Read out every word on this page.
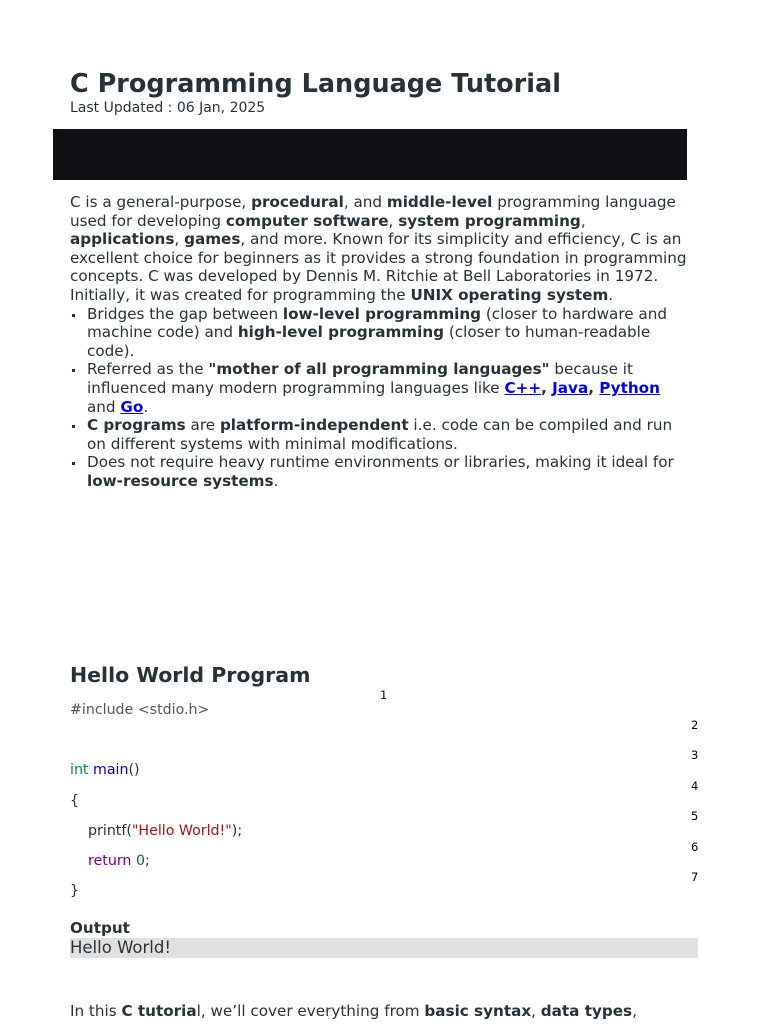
C Programming Language Tutorial
Last Updated : 06 Jan, 2025

C is a general-purpose, procedural, and middle-level programming language used for developing computer software, system programming, applications, games, and more. Known for its simplicity and efficiency, C is an excellent choice for beginners as it provides a strong foundation in programming concepts. C was developed by Dennis M. Ritchie at Bell Laboratories in 1972. Initially, it was created for programming the UNIX operating system.

Bridges the gap between low-level programming (closer to hardware and machine code) and high-level programming (closer to human-readable code).
Referred as the "mother of all programming languages" because it influenced many modern programming languages like C++, Java, Python and Go.
C programs are platform-independent i.e. code can be compiled and run on different systems with minimal modifications.
Does not require heavy runtime environments or libraries, making it ideal for low-resource systems.
Hello World Program
1
2
3
4
5
6
7
#include <stdio.h>
int main()
{
printf("Hello World!");
return 0;
}
Output
Hello World!
In this C tutorial, we’ll cover everything from basic syntax, data types,
